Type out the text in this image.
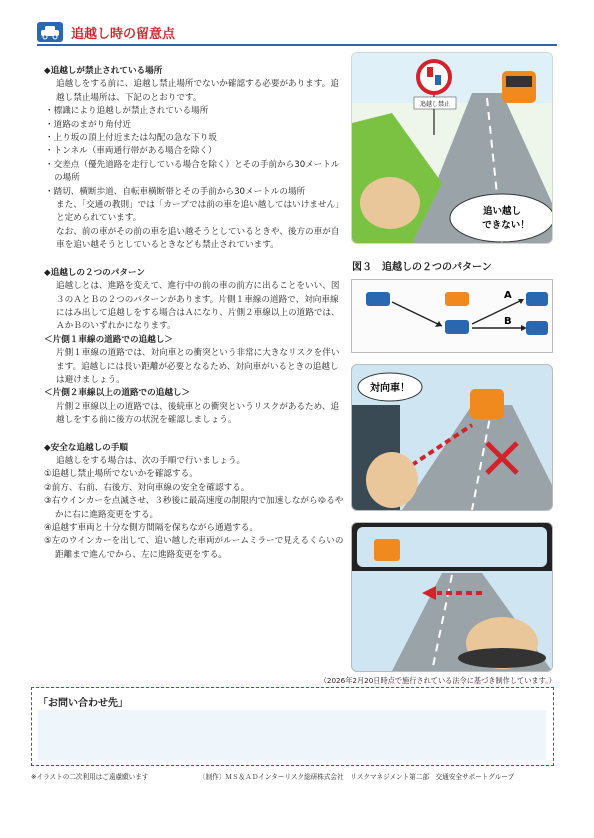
追越し時の留意点

◆追越しが禁止されている場所

追越しをする前に、追越し禁止場所でないか確認する必要があります。追越し禁止場所は、下記のとおりです。

・標識により追越しが禁止されている場所

・道路のまがり角付近

・上り坂の頂上付近または勾配の急な下り坂

・トンネル（車両通行帯がある場合を除く）

・交差点（優先道路を走行している場合を除く）とその手前から30メートルの場所

・踏切、横断歩道、自転車横断帯とその手前から30メートルの場所

また、「交通の教則」では「カーブでは前の車を追い越してはいけません」と定められています。

なお、前の車がその前の車を追い越そうとしているときや、後方の車が自車を追い越そうとしているときなども禁止されています。

◆追越しの２つのパターン

追越しとは、進路を変えて、進行中の前の車の前方に出ることをいい、図３のＡとＢの２つのパターンがあります。片側１車線の道路で、対向車線にはみ出して追越しをする場合はＡになり、片側２車線以上の道路では、ＡかＢのいずれかになります。

＜片側１車線の道路での追越し＞

片側１車線の道路では、対向車との衝突という非常に大きなリスクを伴います。追越しには長い距離が必要となるため、対向車がいるときの追越しは避けましょう。

＜片側２車線以上の道路での追越し＞

片側２車線以上の道路では、後続車との衝突というリスクがあるため、追越しをする前に後方の状況を確認しましょう。

◆安全な追越しの手順

追越しをする場合は、次の手順で行いましょう。

①追越し禁止場所でないかを確認する。

②前方、右前、右後方、対向車線の安全を確認する。

③右ウインカーを点滅させ、３秒後に最高速度の制限内で加速しながらゆるやかに右に進路変更をする。

④追越す車両と十分な側方間隔を保ちながら通過する。

⑤左のウインカーを出して、追い越した車両がルームミラーで見えるくらいの距離まで進んでから、左に進路変更をする。

追越し禁止
追い越し
できない！
図３　追越しの２つのパターン
A
B
対向車！
（2026年2月20日時点で施行されている法令に基づき制作しています。）
「お問い合わせ先」
※イラストの二次利用はご遠慮願います	〔制作〕ＭＳ＆ＡＤインターリスク総研株式会社　リスクマネジメント第二部　交通安全サポートグループ
